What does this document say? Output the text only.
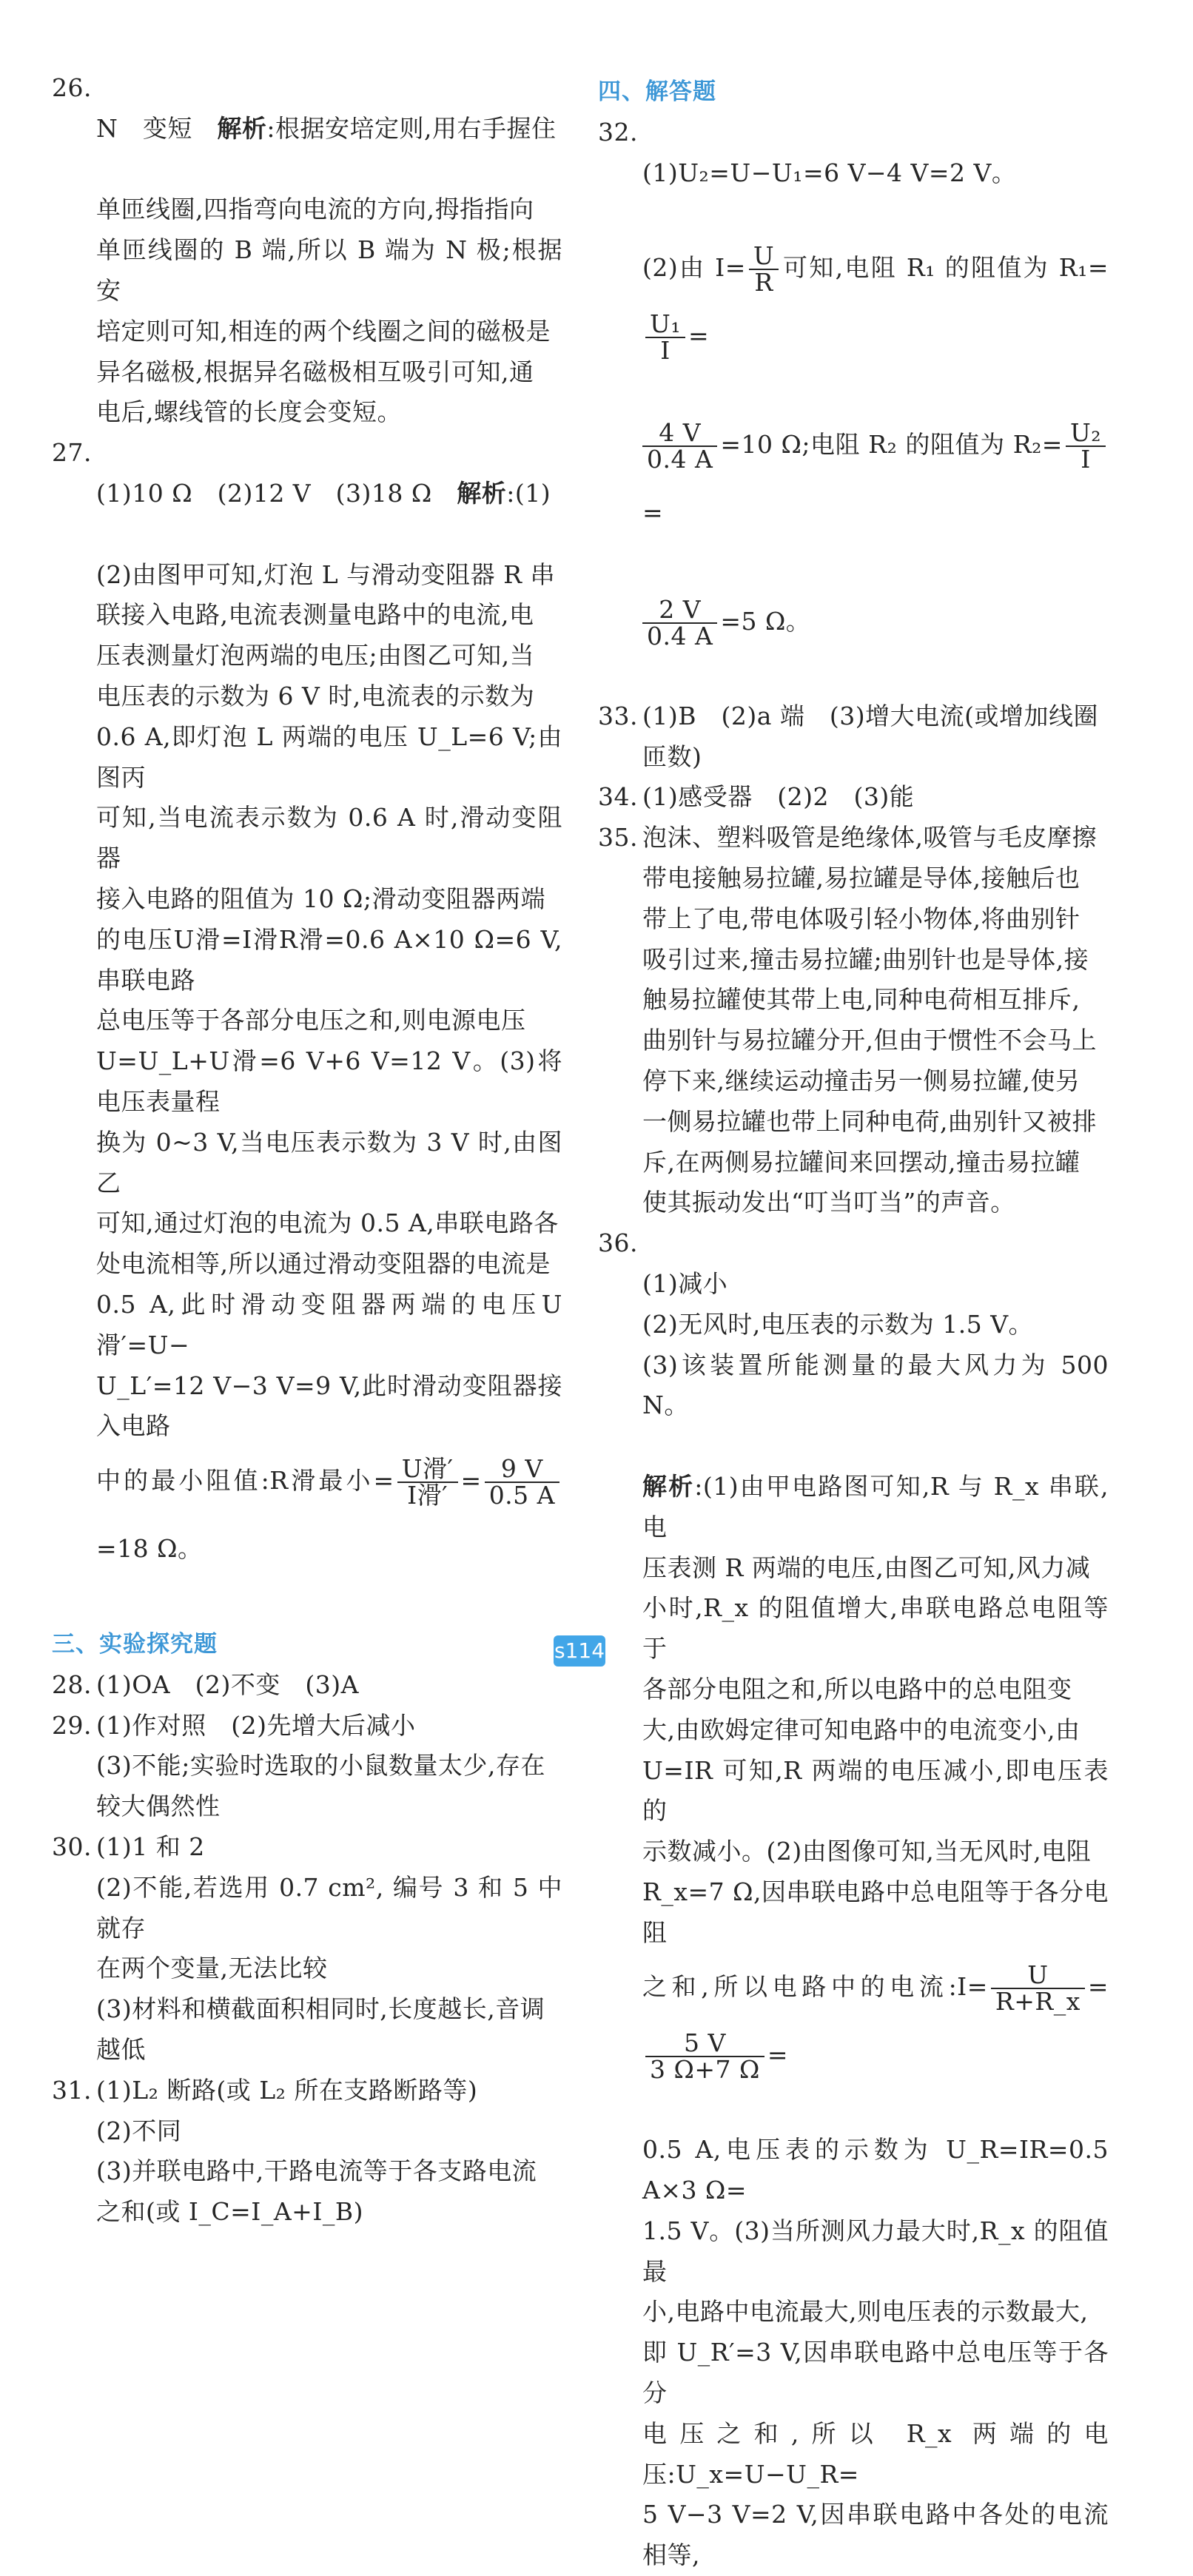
26.

N　变短　解析:根据安培定则,用右手握住

单匝线圈,四指弯向电流的方向,拇指指向
单匝线圈的 B 端,所以 B 端为 N 极;根据安
培定则可知,相连的两个线圈之间的磁极是
异名磁极,根据异名磁极相互吸引可知,通
电后,螺线管的长度会变短。

27.

(1)10 Ω　(2)12 V　(3)18 Ω　解析:(1)

(2)由图甲可知,灯泡 L 与滑动变阻器 R 串
联接入电路,电流表测量电路中的电流,电
压表测量灯泡两端的电压;由图乙可知,当
电压表的示数为 6 V 时,电流表的示数为
0.6 A,即灯泡 L 两端的电压 U_L=6 V;由图丙
可知,当电流表示数为 0.6 A 时,滑动变阻器
接入电路的阻值为 10 Ω;滑动变阻器两端
的电压U滑=I滑R滑=0.6 A×10 Ω=6 V,串联电路
总电压等于各部分电压之和,则电源电压
U=U_L+U滑=6 V+6 V=12 V。(3)将电压表量程
换为 0~3 V,当电压表示数为 3 V 时,由图乙
可知,通过灯泡的电流为 0.5 A,串联电路各
处电流相等,所以通过滑动变阻器的电流是
0.5 A,此时滑动变阻器两端的电压U滑′=U−
U_L′=12 V−3 V=9 V,此时滑动变阻器接入电路

中的最小阻值:R滑最小= $\frac{\text{U滑′}}{\text{I滑′}} = \frac{9 V}{0.5 A}$
=18 Ω。

三、实验探究题
28. (1)OA　(2)不变　(3)A
29. (1)作对照　(2)先增大后减小
(3)不能;实验时选取的小鼠数量太少,存在
较大偶然性
30. (1)1 和 2
(2)不能,若选用 0.7 cm², 编号 3 和 5 中就存
在两个变量,无法比较
(3)材料和横截面积相同时,长度越长,音调
越低
31. (1)L₂ 断路(或 L₂ 所在支路断路等)
(2)不同
(3)并联电路中,干路电流等于各支路电流
之和(或 I_C=I_A+I_B)
四、解答题
32.

(1)U₂=U−U₁=6 V−4 V=2 V。

(2)由 $I= \frac{U}{R}$ 可知,电阻 R₁ 的阻值为 R₁=
$\frac{\text{U₁}}{I}$ =

$\frac{4 V}{0.4 A} =10$ Ω;电阻 R₂ 的阻值为 $R_2= \frac{\text{U₂}}{I}$
=

$\frac{2 V}{0.4 A} =5$ Ω。

33. (1)B　(2)a 端　(3)增大电流(或增加线圈
匝数)
34. (1)感受器　(2)2　(3)能
35. 泡沫、塑料吸管是绝缘体,吸管与毛皮摩擦
带电接触易拉罐,易拉罐是导体,接触后也
带上了电,带电体吸引轻小物体,将曲别针
吸引过来,撞击易拉罐;曲别针也是导体,接
触易拉罐使其带上电,同种电荷相互排斥,
曲别针与易拉罐分开,但由于惯性不会马上
停下来,继续运动撞击另一侧易拉罐,使另
一侧易拉罐也带上同种电荷,曲别针又被排
斥,在两侧易拉罐间来回摆动,撞击易拉罐
使其振动发出“叮当叮当”的声音。
36.

(1)减小
(2)无风时,电压表的示数为 1.5 V。
(3)该装置所能测量的最大风力为 500 N。

解析:(1)由甲电路图可知,R 与 R_x 串联,电
压表测 R 两端的电压,由图乙可知,风力减
小时,R_x 的阻值增大,串联电路总电阻等于
各部分电阻之和,所以电路中的总电阻变
大,由欧姆定律可知电路中的电流变小,由
U=IR 可知,R 两端的电压减小,即电压表的
示数减小。(2)由图像可知,当无风时,电阻
R_x=7 Ω,因串联电路中总电阻等于各分电阻

之和,所以电路中的电流:I= $\frac{U}{R+R\_x}$ =
$\frac{5 V}{3 \Omega+7 \Omega}$ =

0.5 A,电压表的示数为 U_R=IR=0.5 A×3 Ω=
1.5 V。(3)当所测风力最大时,R_x 的阻值最
小,电路中电流最大,则电压表的示数最大,
即 U_R′=3 V,因串联电路中总电压等于各分
电压之和,所以 R_x 两端的电压:U_x=U−U_R=
5 V−3 V=2 V,因串联电路中各处的电流相等,

s114
